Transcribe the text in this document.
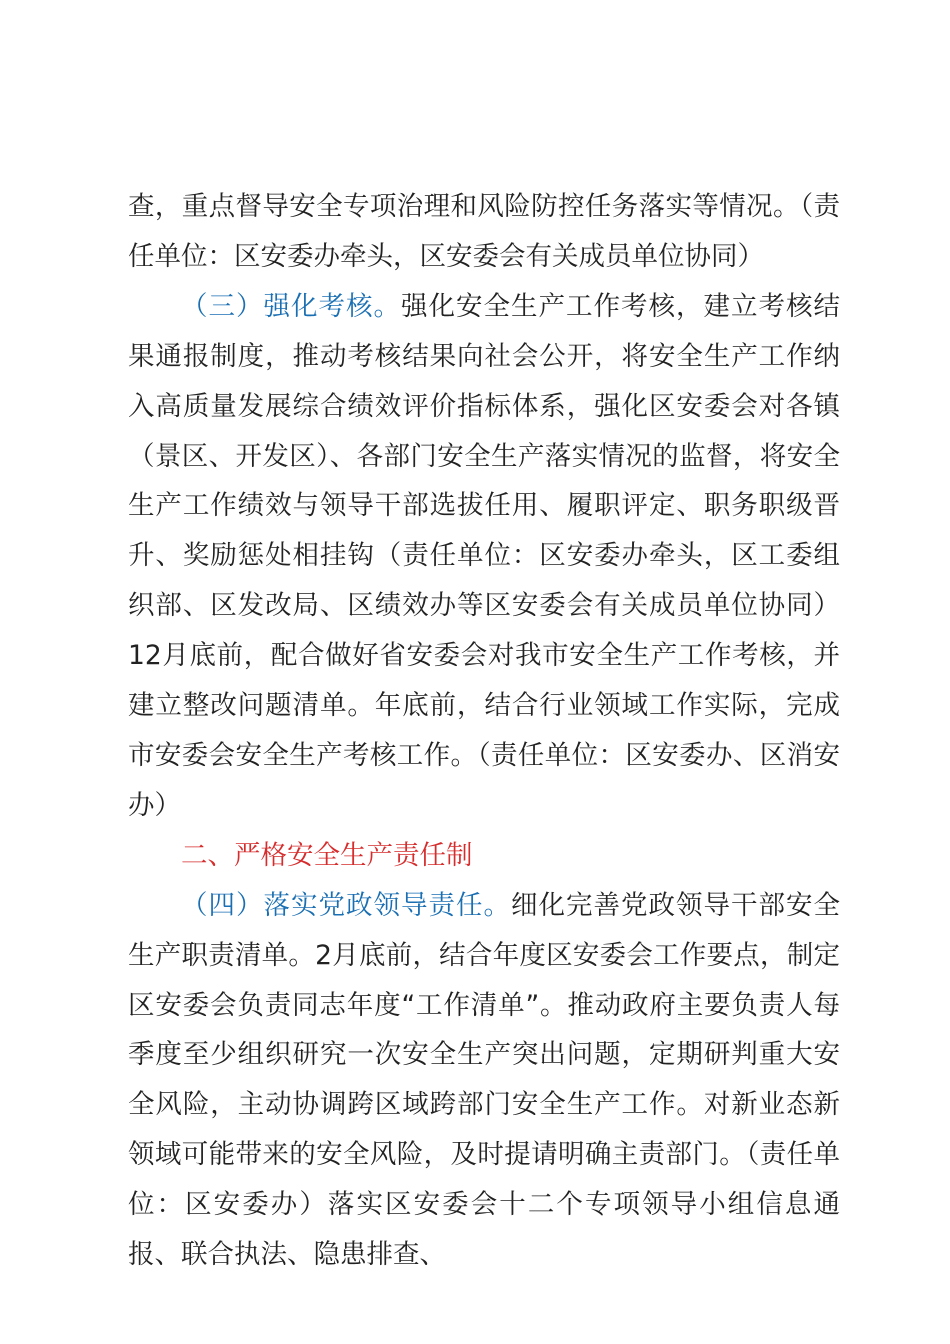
查，重点督导安全专项治理和风险防控任务落实等情况。（责任单位：区安委办牵头，区安委会有关成员单位协同）

（三）强化考核。强化安全生产工作考核，建立考核结果通报制度，推动考核结果向社会公开，将安全生产工作纳入高质量发展综合绩效评价指标体系，强化区安委会对各镇（景区、开发区）、各部门安全生产落实情况的监督，将安全生产工作绩效与领导干部选拔任用、履职评定、职务职级晋升、奖励惩处相挂钩（责任单位：区安委办牵头，区工委组织部、区发改局、区绩效办等区安委会有关成员单位协同）12月底前，配合做好省安委会对我市安全生产工作考核，并建立整改问题清单。年底前，结合行业领域工作实际，完成市安委会安全生产考核工作。（责任单位：区安委办、区消安办）

二、严格安全生产责任制

（四）落实党政领导责任。细化完善党政领导干部安全生产职责清单。2月底前，结合年度区安委会工作要点，制定区安委会负责同志年度“工作清单”。推动政府主要负责人每季度至少组织研究一次安全生产突出问题，定期研判重大安全风险，主动协调跨区域跨部门安全生产工作。对新业态新领域可能带来的安全风险，及时提请明确主责部门。（责任单位：区安委办）落实区安委会十二个专项领导小组信息通报、联合执法、隐患排查、
